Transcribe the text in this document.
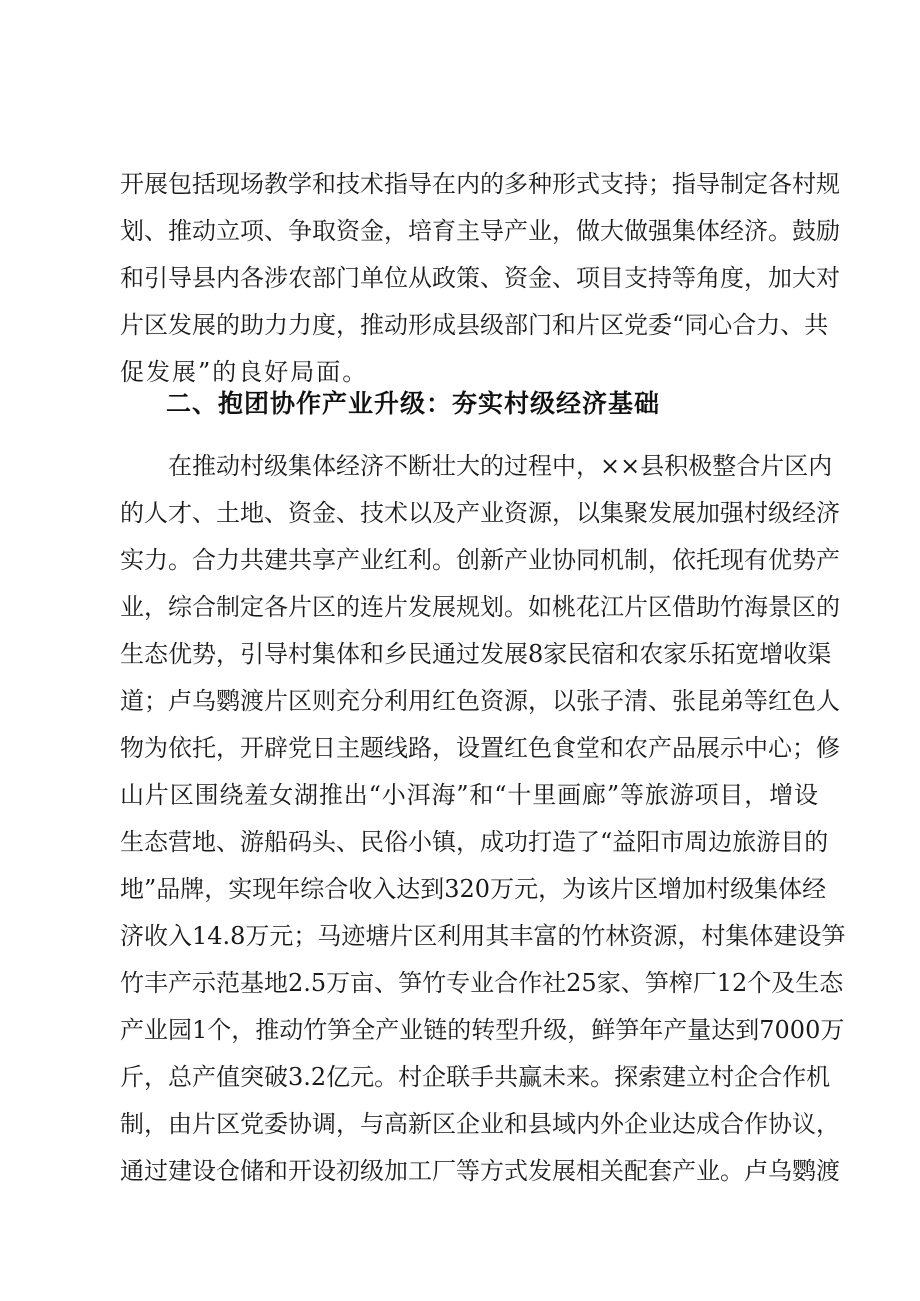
开展包括现场教学和技术指导在内的多种形式支持；指导制定各村规
划、推动立项、争取资金，培育主导产业，做大做强集体经济。鼓励
和引导县内各涉农部门单位从政策、资金、项目支持等角度，加大对
片区发展的助力力度，推动形成县级部门和片区党委“同心合力、共
促发展”的良好局面。
二、抱团协作产业升级：夯实村级经济基础
在推动村级集体经济不断壮大的过程中，××县积极整合片区内
的人才、土地、资金、技术以及产业资源，以集聚发展加强村级经济
实力。合力共建共享产业红利。创新产业协同机制，依托现有优势产
业，综合制定各片区的连片发展规划。如桃花江片区借助竹海景区的
生态优势，引导村集体和乡民通过发展8家民宿和农家乐拓宽增收渠
道；卢乌鹦渡片区则充分利用红色资源，以张子清、张昆弟等红色人
物为依托，开辟党日主题线路，设置红色食堂和农产品展示中心；修
山片区围绕羞女湖推出“小洱海”和“十里画廊”等旅游项目，增设
生态营地、游船码头、民俗小镇，成功打造了“益阳市周边旅游目的
地”品牌，实现年综合收入达到320万元，为该片区增加村级集体经
济收入14.8万元；马迹塘片区利用其丰富的竹林资源，村集体建设笋
竹丰产示范基地2.5万亩、笋竹专业合作社25家、笋榨厂12个及生态
产业园1个，推动竹笋全产业链的转型升级，鲜笋年产量达到7000万
斤，总产值突破3.2亿元。村企联手共赢未来。探索建立村企合作机
制，由片区党委协调，与高新区企业和县域内外企业达成合作协议，
通过建设仓储和开设初级加工厂等方式发展相关配套产业。卢乌鹦渡
